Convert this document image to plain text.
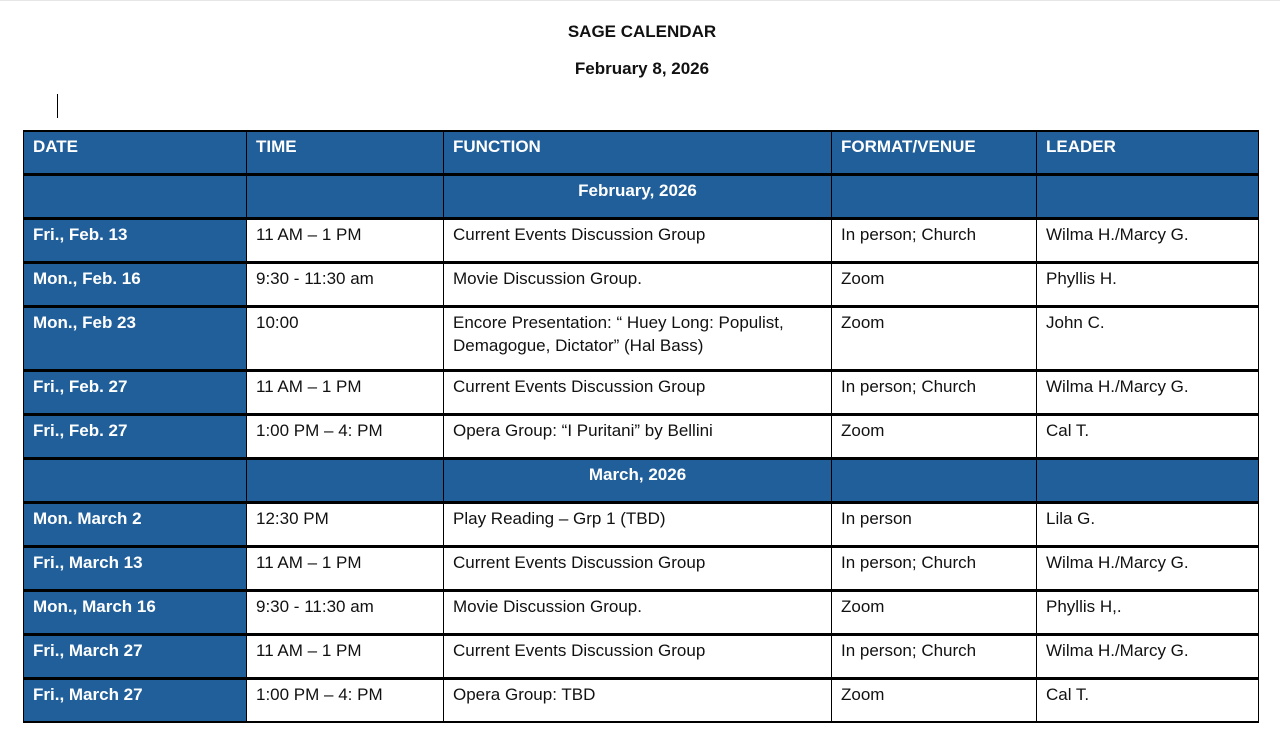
SAGE CALENDAR
February 8, 2026
DATE	TIME	FUNCTION	FORMAT/VENUE	LEADER
		February, 2026		
Fri., Feb. 13	11 AM – 1 PM	Current Events Discussion Group	In person; Church	Wilma H./Marcy G.
Mon., Feb. 16	9:30 - 11:30 am	Movie Discussion Group.	Zoom	Phyllis H.
Mon., Feb 23	10:00	Encore Presentation: “ Huey Long: Populist, Demagogue, Dictator” (Hal Bass)	Zoom	John C.
Fri., Feb. 27	11 AM – 1 PM	Current Events Discussion Group	In person; Church	Wilma H./Marcy G.
Fri., Feb. 27	1:00 PM – 4: PM	Opera Group: “I Puritani” by Bellini	Zoom	Cal T.
		March, 2026		
Mon. March 2	12:30 PM	Play Reading – Grp 1 (TBD)	In person	Lila G.
Fri., March 13	11 AM – 1 PM	Current Events Discussion Group	In person; Church	Wilma H./Marcy G.
Mon., March 16	9:30 - 11:30 am	Movie Discussion Group.	Zoom	Phyllis H,.
Fri., March 27	11 AM – 1 PM	Current Events Discussion Group	In person; Church	Wilma H./Marcy G.
Fri., March 27	1:00 PM – 4: PM	Opera Group: TBD	Zoom	Cal T.
